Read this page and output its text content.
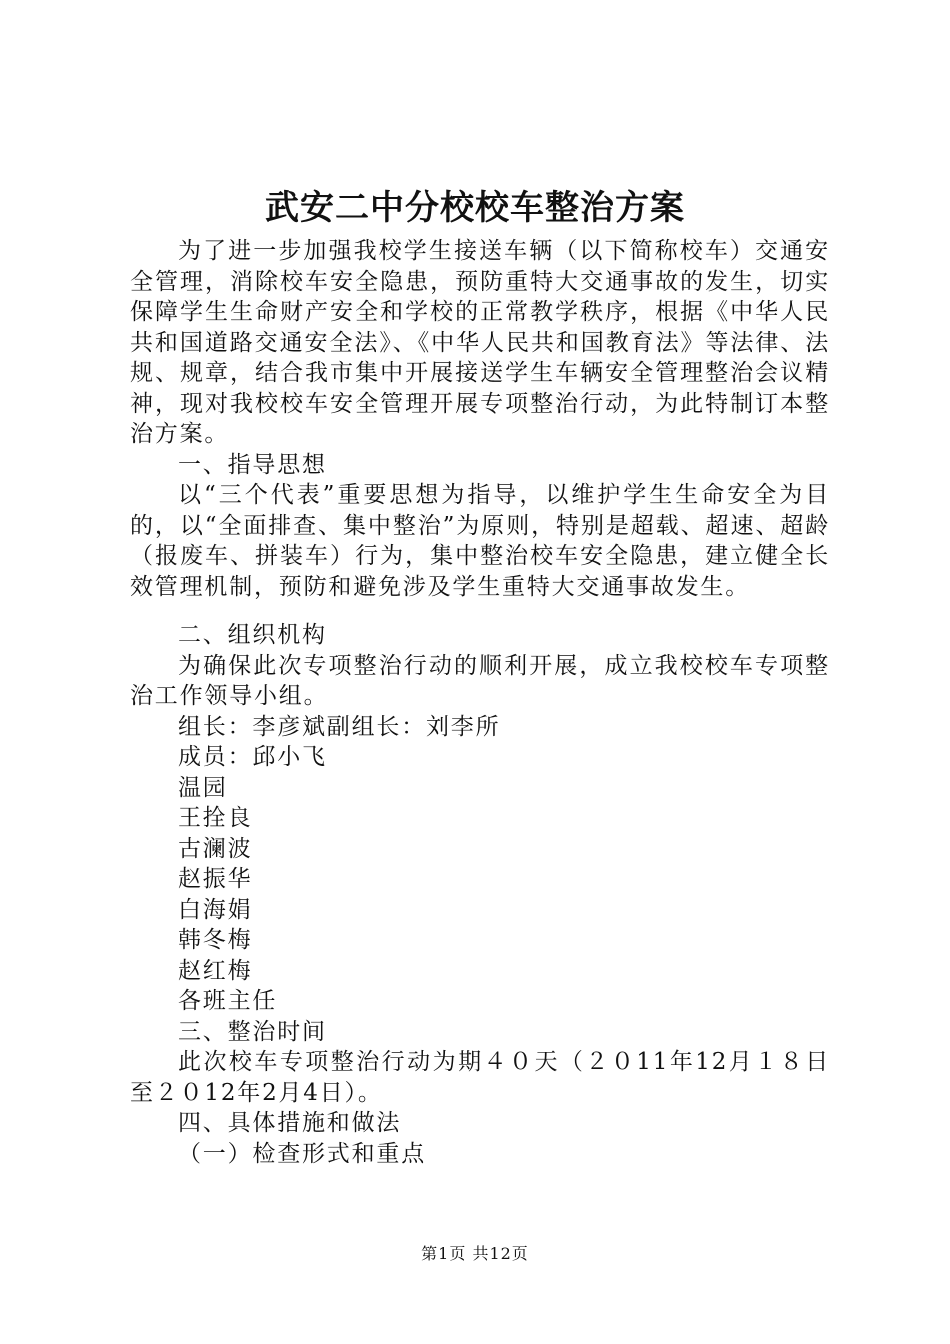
武安二中分校校车整治方案

为了进一步加强我校学生接送车辆（以下简称校车）交通安全管理，消除校车安全隐患，预防重特大交通事故的发生，切实保障学生生命财产安全和学校的正常教学秩序，根据《中华人民共和国道路交通安全法》、《中华人民共和国教育法》等法律、法规、规章，结合我市集中开展接送学生车辆安全管理整治会议精神，现对我校校车安全管理开展专项整治行动，为此特制订本整治方案。

一、指导思想

以“三个代表”重要思想为指导，以维护学生生命安全为目的，以“全面排查、集中整治”为原则，特别是超载、超速、超龄（报废车、拼装车）行为，集中整治校车安全隐患，建立健全长效管理机制，预防和避免涉及学生重特大交通事故发生。

二、组织机构

为确保此次专项整治行动的顺利开展，成立我校校车专项整治工作领导小组。

组长：李彦斌副组长：刘李所

成员：邱小飞

温园

王拴良

古澜波

赵振华

白海娟

韩冬梅

赵红梅

各班主任

三、整治时间

此次校车专项整治行动为期４０天（２０11年12月１８日至２０12年2月4日）。

四、具体措施和做法

（一）检查形式和重点

第1页 共12页
